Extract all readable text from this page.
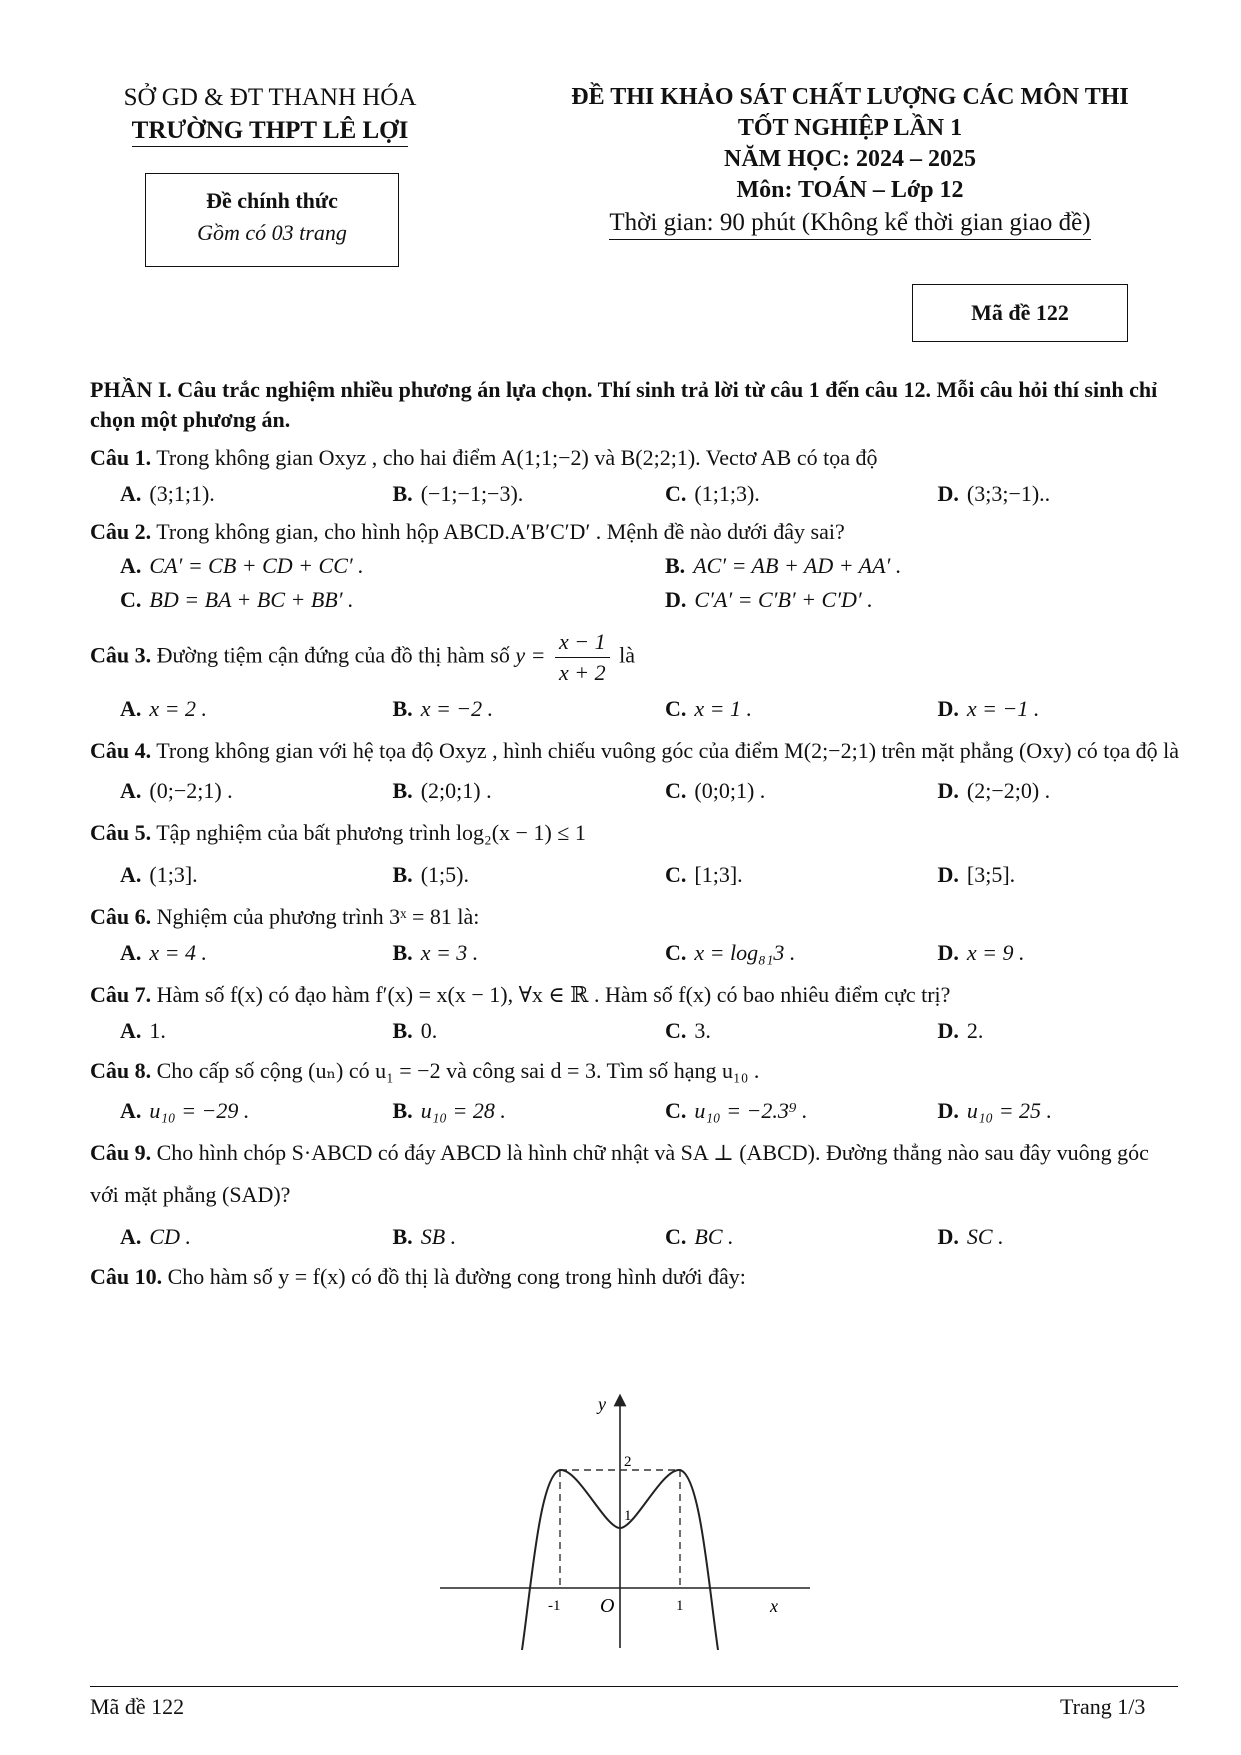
SỞ GD & ĐT THANH HÓA
TRƯỜNG THPT LÊ LỢI
Đề chính thức
Gồm có 03 trang
ĐỀ THI KHẢO SÁT CHẤT LƯỢNG CÁC MÔN THI
TỐT NGHIỆP LẦN 1
NĂM HỌC: 2024 – 2025
Môn: TOÁN – Lớp 12
Thời gian: 90 phút (Không kể thời gian giao đề)
Mã đề 122
PHẦN I. Câu trắc nghiệm nhiều phương án lựa chọn. Thí sinh trả lời từ câu 1 đến câu 12. Mỗi câu hỏi thí sinh chỉ chọn một phương án.
Câu 1. Trong không gian Oxyz , cho hai điểm A(1;1;−2) và B(2;2;1). Vectơ AB có tọa độ
A. (3;1;1).	B. (−1;−1;−3).	C. (1;1;3).	D. (3;3;−1)..
Câu 2. Trong không gian, cho hình hộp ABCD.A′B′C′D′ . Mệnh đề nào dưới đây sai?
A. CA′ = CB + CD + CC′ .	B. AC′ = AB + AD + AA′ .
C. BD = BA + BC + BB′ .	D. C′A′ = C′B′ + C′D′ .
Câu 3. Đường tiệm cận đứng của đồ thị hàm số $y = \frac{x - 1}{x + 2}$ là
A. x = 2 .	B. x = −2 .	C. x = 1 .	D. x = −1 .
Câu 4. Trong không gian với hệ tọa độ Oxyz , hình chiếu vuông góc của điểm M(2;−2;1) trên mặt phẳng (Oxy) có tọa độ là
A. (0;−2;1) .	B. (2;0;1) .	C. (0;0;1) .	D. (2;−2;0) .
Câu 5. Tập nghiệm của bất phương trình log₂(x − 1) ≤ 1
A. (1;3].	B. (1;5).	C. [1;3].	D. [3;5].
Câu 6. Nghiệm của phương trình 3ˣ = 81 là:
A. x = 4 .	B. x = 3 .	C. x = log₈₁3 .	D. x = 9 .
Câu 7. Hàm số f(x) có đạo hàm f′(x) = x(x − 1), ∀x ∈ ℝ . Hàm số f(x) có bao nhiêu điểm cực trị?
A. 1.	B. 0.	C. 3.	D. 2.
Câu 8. Cho cấp số cộng (uₙ) có u₁ = −2 và công sai d = 3. Tìm số hạng u₁₀ .
A. u₁₀ = −29 .	B. u₁₀ = 28 .	C. u₁₀ = −2.3⁹ .	D. u₁₀ = 25 .
Câu 9. Cho hình chóp S·ABCD có đáy ABCD là hình chữ nhật và SA ⊥ (ABCD). Đường thẳng nào sau đây vuông góc với mặt phẳng (SAD)?
A. CD .	B. SB .	C. BC .	D. SC .
Câu 10. Cho hàm số y = f(x) có đồ thị là đường cong trong hình dưới đây:
y
x
O
-1	1
1
2
Mã đề 122	Trang 1/3
